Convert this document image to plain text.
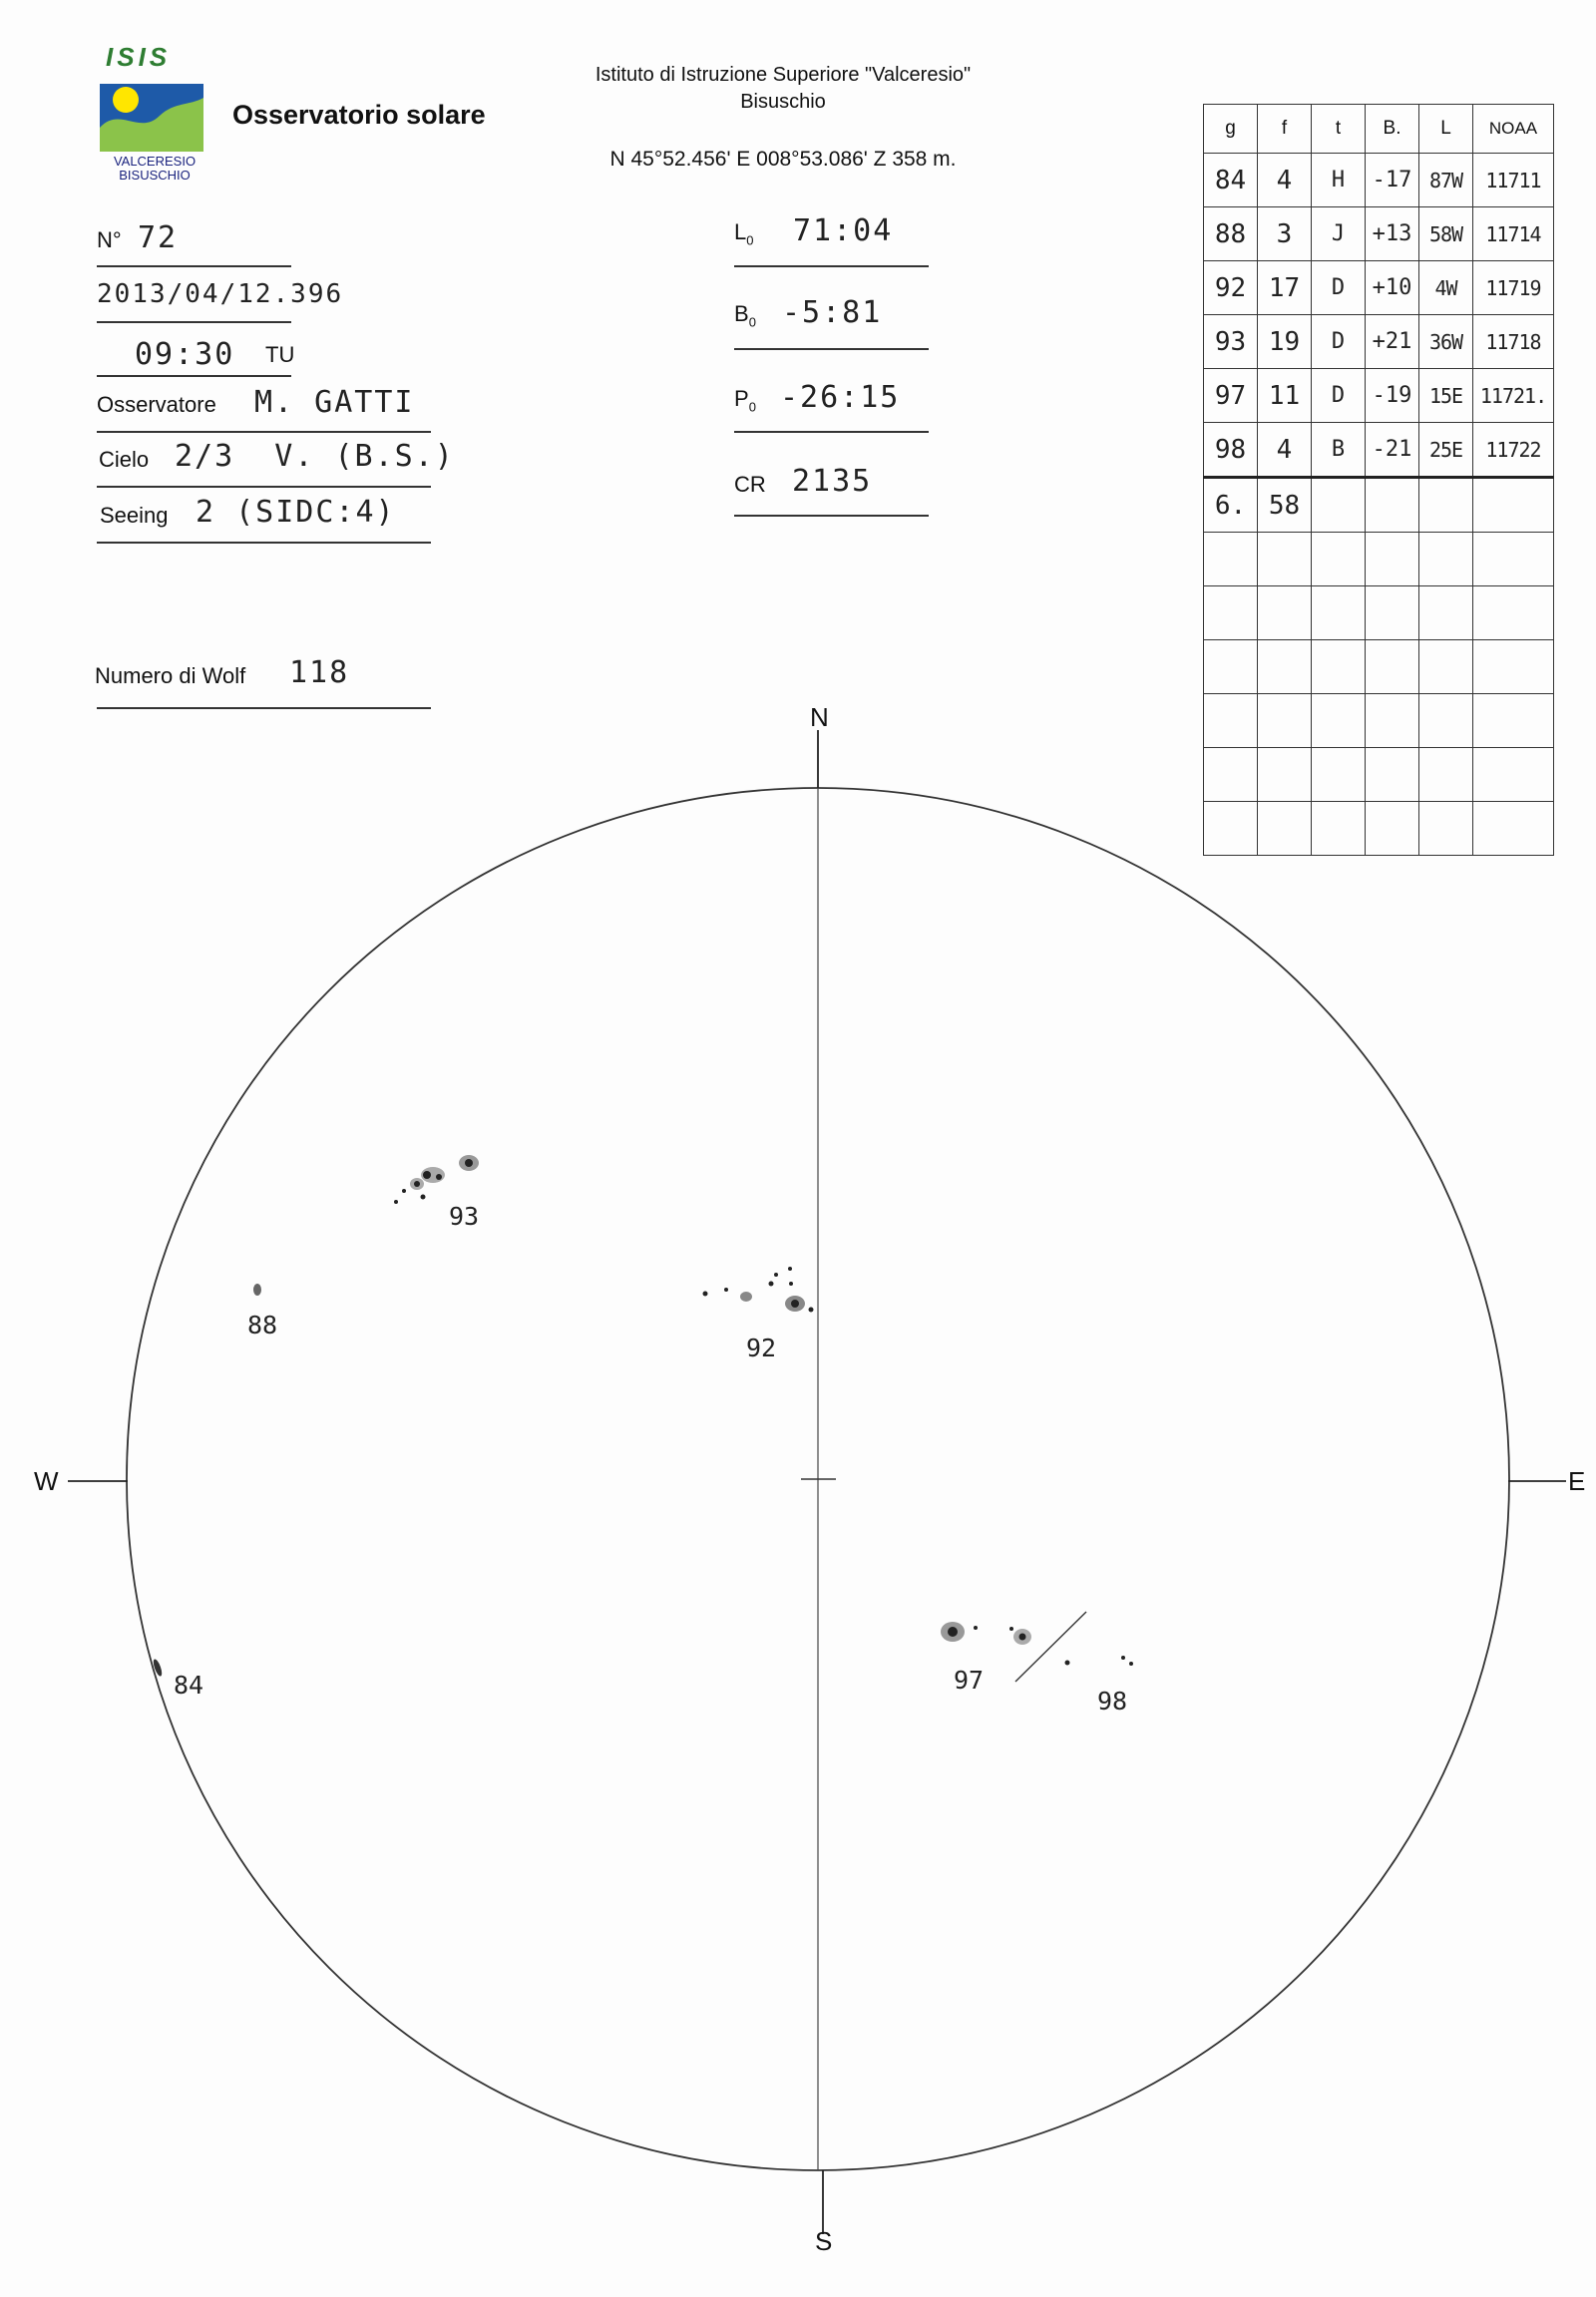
ISIS
VALCERESIO
BISUSCHIO
Osservatorio solare
Istituto di Istruzione Superiore "Valceresio"
Bisuschio
N 45°52.456' E 008°53.086' Z 358 m.
N° 72
2013/04/12.396
09:30 TU
Osservatore M. GATTI
Cielo 2/3  V. (B.S.)
Seeing 2 (SIDC:4)
Numero di Wolf 118
$L_0$ 71:04
$B_0$ -5:81
$P_0$ -26:15
CR 2135
g	f	t	B.	L	NOAA
84	4	H	-17	87W	11711
88	3	J	+13	58W	11714
92	17	D	+10	4W	11719
93	19	D	+21	36W	11718
97	11	D	-19	15E	11721.
98	4	B	-21	25E	11722
6.	58				

N
S
W	E
93
88
92
84	97
98
